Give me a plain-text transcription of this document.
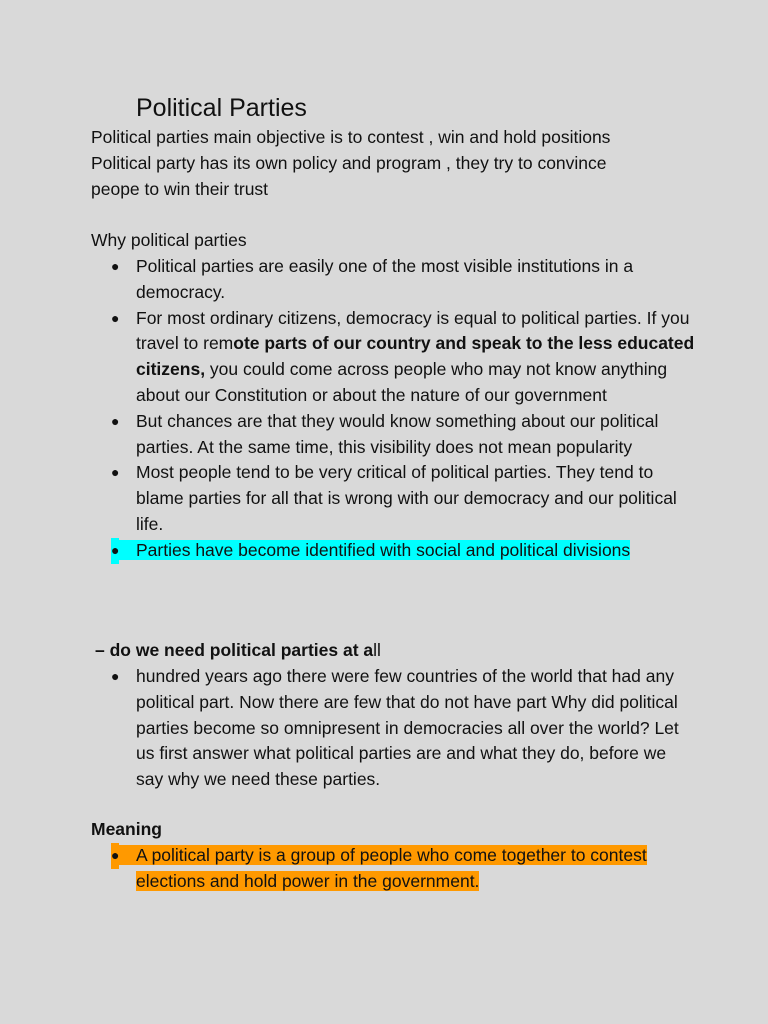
Political Parties

Political parties main objective is to contest , win and hold positions

Political party has its own policy and program , they try to convince

peope to win their trust

Why political parties

● Political parties are easily one of the most visible institutions in a democracy.
● For most ordinary citizens, democracy is equal to political parties. If you travel to remote parts of our country and speak to the less educated citizens, you could come across people who may not know anything about our Constitution or about the nature of our government
● But chances are that they would know something about our political parties. At the same time, this visibility does not mean popularity
● Most people tend to be very critical of political parties. They tend to blame parties for all that is wrong with our democracy and our political life.
● Parties have become identified with social and political divisions

– do we need political parties at all

● hundred years ago there were few countries of the world that had any political part. Now there are few that do not have part Why did political parties become so omnipresent in democracies all over the world? Let us first answer what political parties are and what they do, before we say why we need these parties.

Meaning

● A political party is a group of people who come together to contest elections and hold power in the government.
